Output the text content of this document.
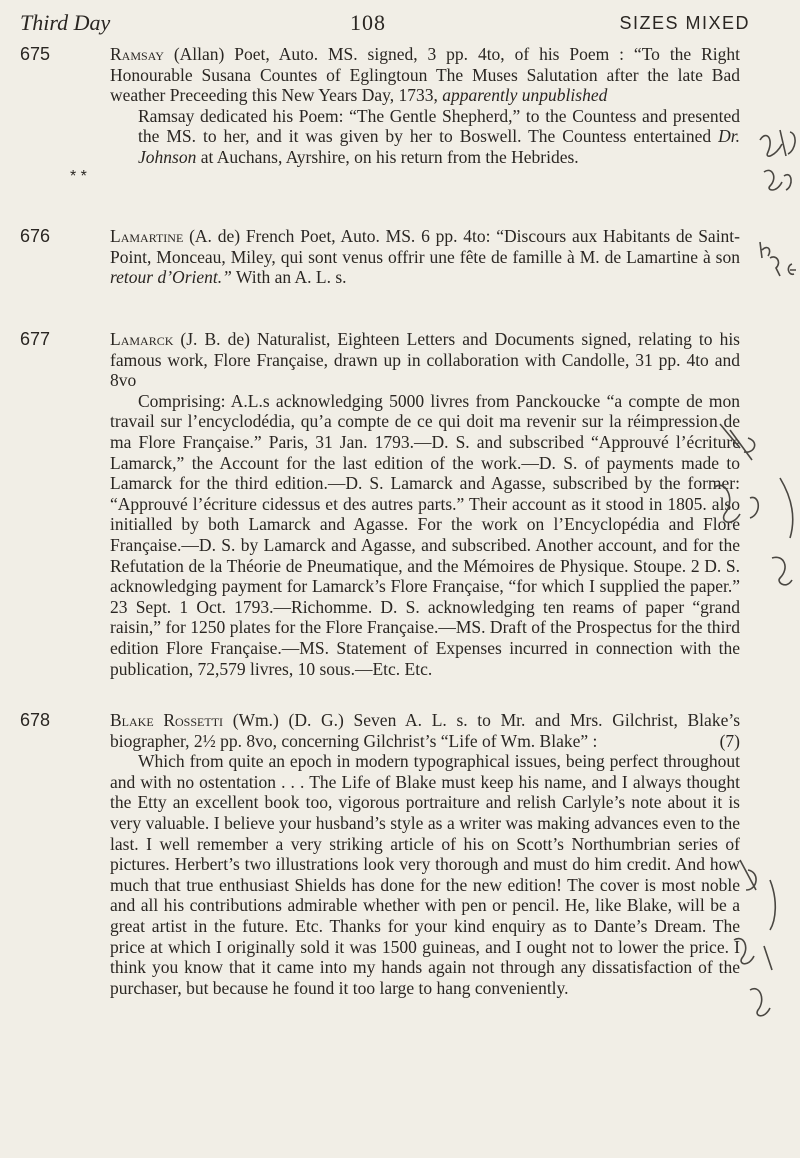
Third Day	108	SIZES MIXED
675	Ramsay (Allan) Poet, Auto. MS. signed, 3 pp. 4to, of his Poem : “To the Right Honourable Susana Countes of Eglingtoun The Muses Salutation after the late Bad weather Preceeding this New Years Day, 1733, apparently unpublished

Ramsay dedicated his Poem: “The Gentle Shepherd,” to the Countess and presented the MS. to her, and it was given by her to Boswell. The Countess entertained Dr. Johnson at Auchans, Ayrshire, on his return from the Hebrides.

* *
676	Lamartine (A. de) French Poet, Auto. MS. 6 pp. 4to: “Discours aux Habitants de Saint-Point, Monceau, Miley, qui sont venus offrir une fête de famille à M. de Lamartine à son retour d’Orient.” With an A. L. s.

677	Lamarck (J. B. de) Naturalist, Eighteen Letters and Documents signed, relating to his famous work, Flore Française, drawn up in collaboration with Candolle, 31 pp. 4to and 8vo

Comprising: A.L.s acknowledging 5000 livres from Panckoucke “a compte de mon travail sur l’encyclodédia, qu’a compte de ce qui doit ma revenir sur la réimpression de ma Flore Française.” Paris, 31 Jan. 1793.—D. S. and subscribed “Approuvé l’écriture Lamarck,” the Account for the last edition of the work.—D. S. of payments made to Lamarck for the third edition.—D. S. Lamarck and Agasse, subscribed by the former: “Approuvé l’écriture cidessus et des autres parts.” Their account as it stood in 1805. also initialled by both Lamarck and Agasse. For the work on l’Encyclopédia and Flore Française.—D. S. by Lamarck and Agasse, and subscribed. Another account, and for the Refutation de la Théorie de Pneumatique, and the Mémoires de Physique. Stoupe. 2 D. S. acknowledging payment for Lamarck’s Flore Française, “for which I supplied the paper.” 23 Sept. 1 Oct. 1793.—Richomme. D. S. acknowledging ten reams of paper “grand raisin,” for 1250 plates for the Flore Française.—MS. Draft of the Prospectus for the third edition Flore Française.—MS. Statement of Expenses incurred in connection with the publication, 72,579 livres, 10 sous.—Etc. Etc.

678	Blake Rossetti (Wm.) (D. G.) Seven A. L. s. to Mr. and Mrs. Gilchrist, Blake’s biographer, 2½ pp. 8vo, concerning Gilchrist’s “Life of Wm. Blake” :	(7)

Which from quite an epoch in modern typographical issues, being perfect throughout and with no ostentation . . . The Life of Blake must keep his name, and I always thought the Etty an excellent book too, vigorous portraiture and relish Carlyle’s note about it is very valuable. I believe your husband’s style as a writer was making advances even to the last. I well remember a very striking article of his on Scott’s Northumbrian series of pictures. Herbert’s two illustrations look very thorough and must do him credit. And how much that true enthusiast Shields has done for the new edition! The cover is most noble and all his contributions admirable whether with pen or pencil. He, like Blake, will be a great artist in the future. Etc. Thanks for your kind enquiry as to Dante’s Dream. The price at which I originally sold it was 1500 guineas, and I ought not to lower the price. I think you know that it came into my hands again not through any dissatisfaction of the purchaser, but because he found it too large to hang conveniently.
